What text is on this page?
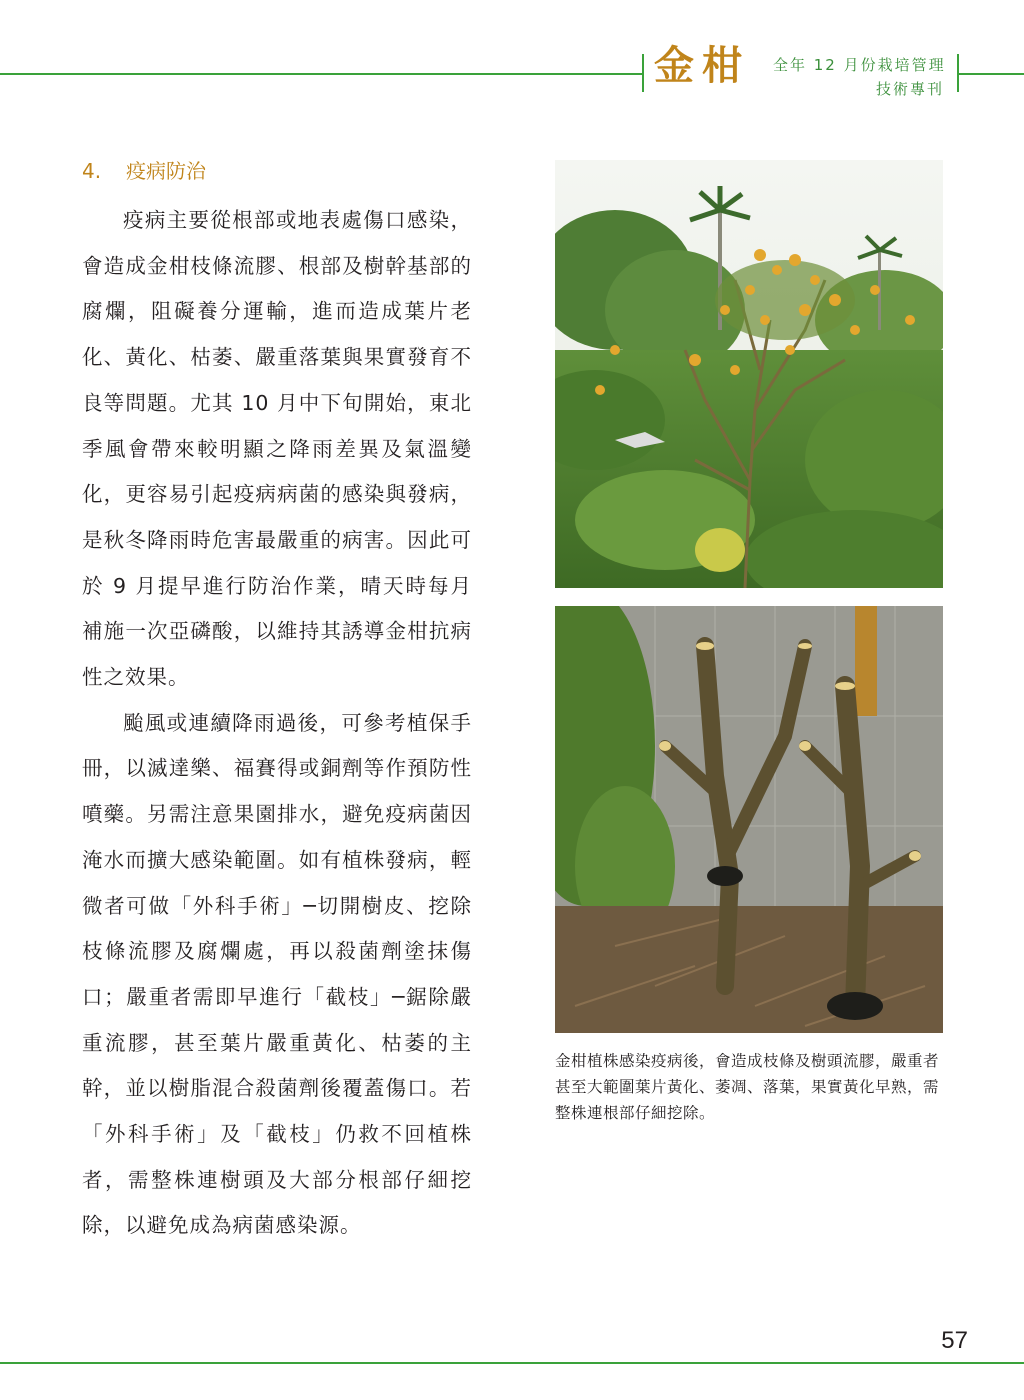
金柑 全年 12 月份栽培管理
技術專刊
4. 疫病防治

疫病主要從根部或地表處傷口感染，會造成金柑枝條流膠、根部及樹幹基部的腐爛，阻礙養分運輸，進而造成葉片老化、黃化、枯萎、嚴重落葉與果實發育不良等問題。尤其 10 月中下旬開始，東北季風會帶來較明顯之降雨差異及氣溫變化，更容易引起疫病病菌的感染與發病，是秋冬降雨時危害最嚴重的病害。因此可於 9 月提早進行防治作業，晴天時每月補施一次亞磷酸，以維持其誘導金柑抗病性之效果。

颱風或連續降雨過後，可參考植保手冊，以滅達樂、福賽得或銅劑等作預防性噴藥。另需注意果園排水，避免疫病菌因淹水而擴大感染範圍。如有植株發病，輕微者可做「外科手術」─切開樹皮、挖除枝條流膠及腐爛處，再以殺菌劑塗抹傷口；嚴重者需即早進行「截枝」─鋸除嚴重流膠，甚至葉片嚴重黃化、枯萎的主幹，並以樹脂混合殺菌劑後覆蓋傷口。若「外科手術」及「截枝」仍救不回植株者，需整株連樹頭及大部分根部仔細挖除，以避免成為病菌感染源。

金柑植株感染疫病後，會造成枝條及樹頭流膠，嚴重者甚至大範圍葉片黃化、萎凋、落葉，果實黃化早熟，需整株連根部仔細挖除。
57
